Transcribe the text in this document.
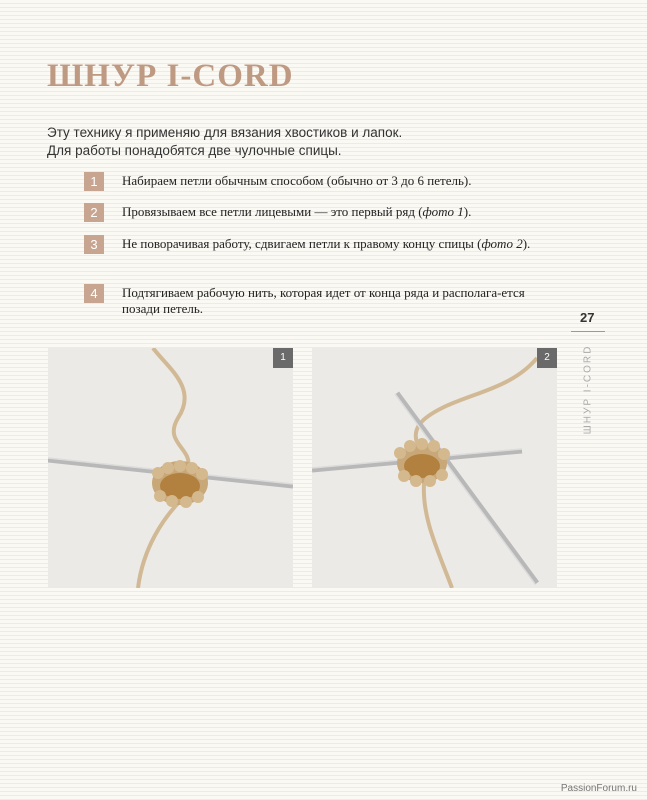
ШНУР I-CORD

Эту технику я применяю для вязания хвостиков и лапок.

Для работы понадобятся две чулочные спицы.

1	Набираем петли обычным способом (обычно от 3 до 6 петель).
2	Провязываем все петли лицевыми — это первый ряд (фото 1).
3	Не поворачивая работу, сдвигаем петли к правому концу спицы (фото 2).
4	Подтягиваем рабочую нить, которая идет от конца ряда и располага-ется позади петель.
27
ШНУР I-CORD
1	2
PassionForum.ru
